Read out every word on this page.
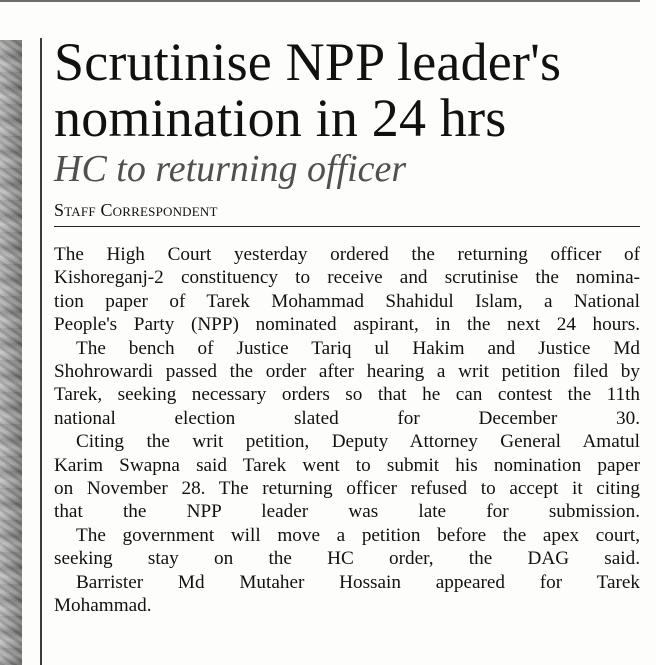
Scrutinise NPP leader's
nomination in 24 hrs
HC to returning officer
Staff Correspondent

The High Court yesterday ordered the returning officer of
Kishoreganj-2 constituency to receive and scrutinise the nomina-
tion paper of Tarek Mohammad Shahidul Islam, a National
People's Party (NPP) nominated aspirant, in the next 24 hours.

The bench of Justice Tariq ul Hakim and Justice Md
Shohrowardi passed the order after hearing a writ petition filed by
Tarek, seeking necessary orders so that he can contest the 11th
national election slated for December 30.

Citing the writ petition, Deputy Attorney General Amatul
Karim Swapna said Tarek went to submit his nomination paper
on November 28. The returning officer refused to accept it citing
that the NPP leader was late for submission.

The government will move a petition before the apex court,
seeking stay on the HC order, the DAG said.

Barrister Md Mutaher Hossain appeared for Tarek
Mohammad.
